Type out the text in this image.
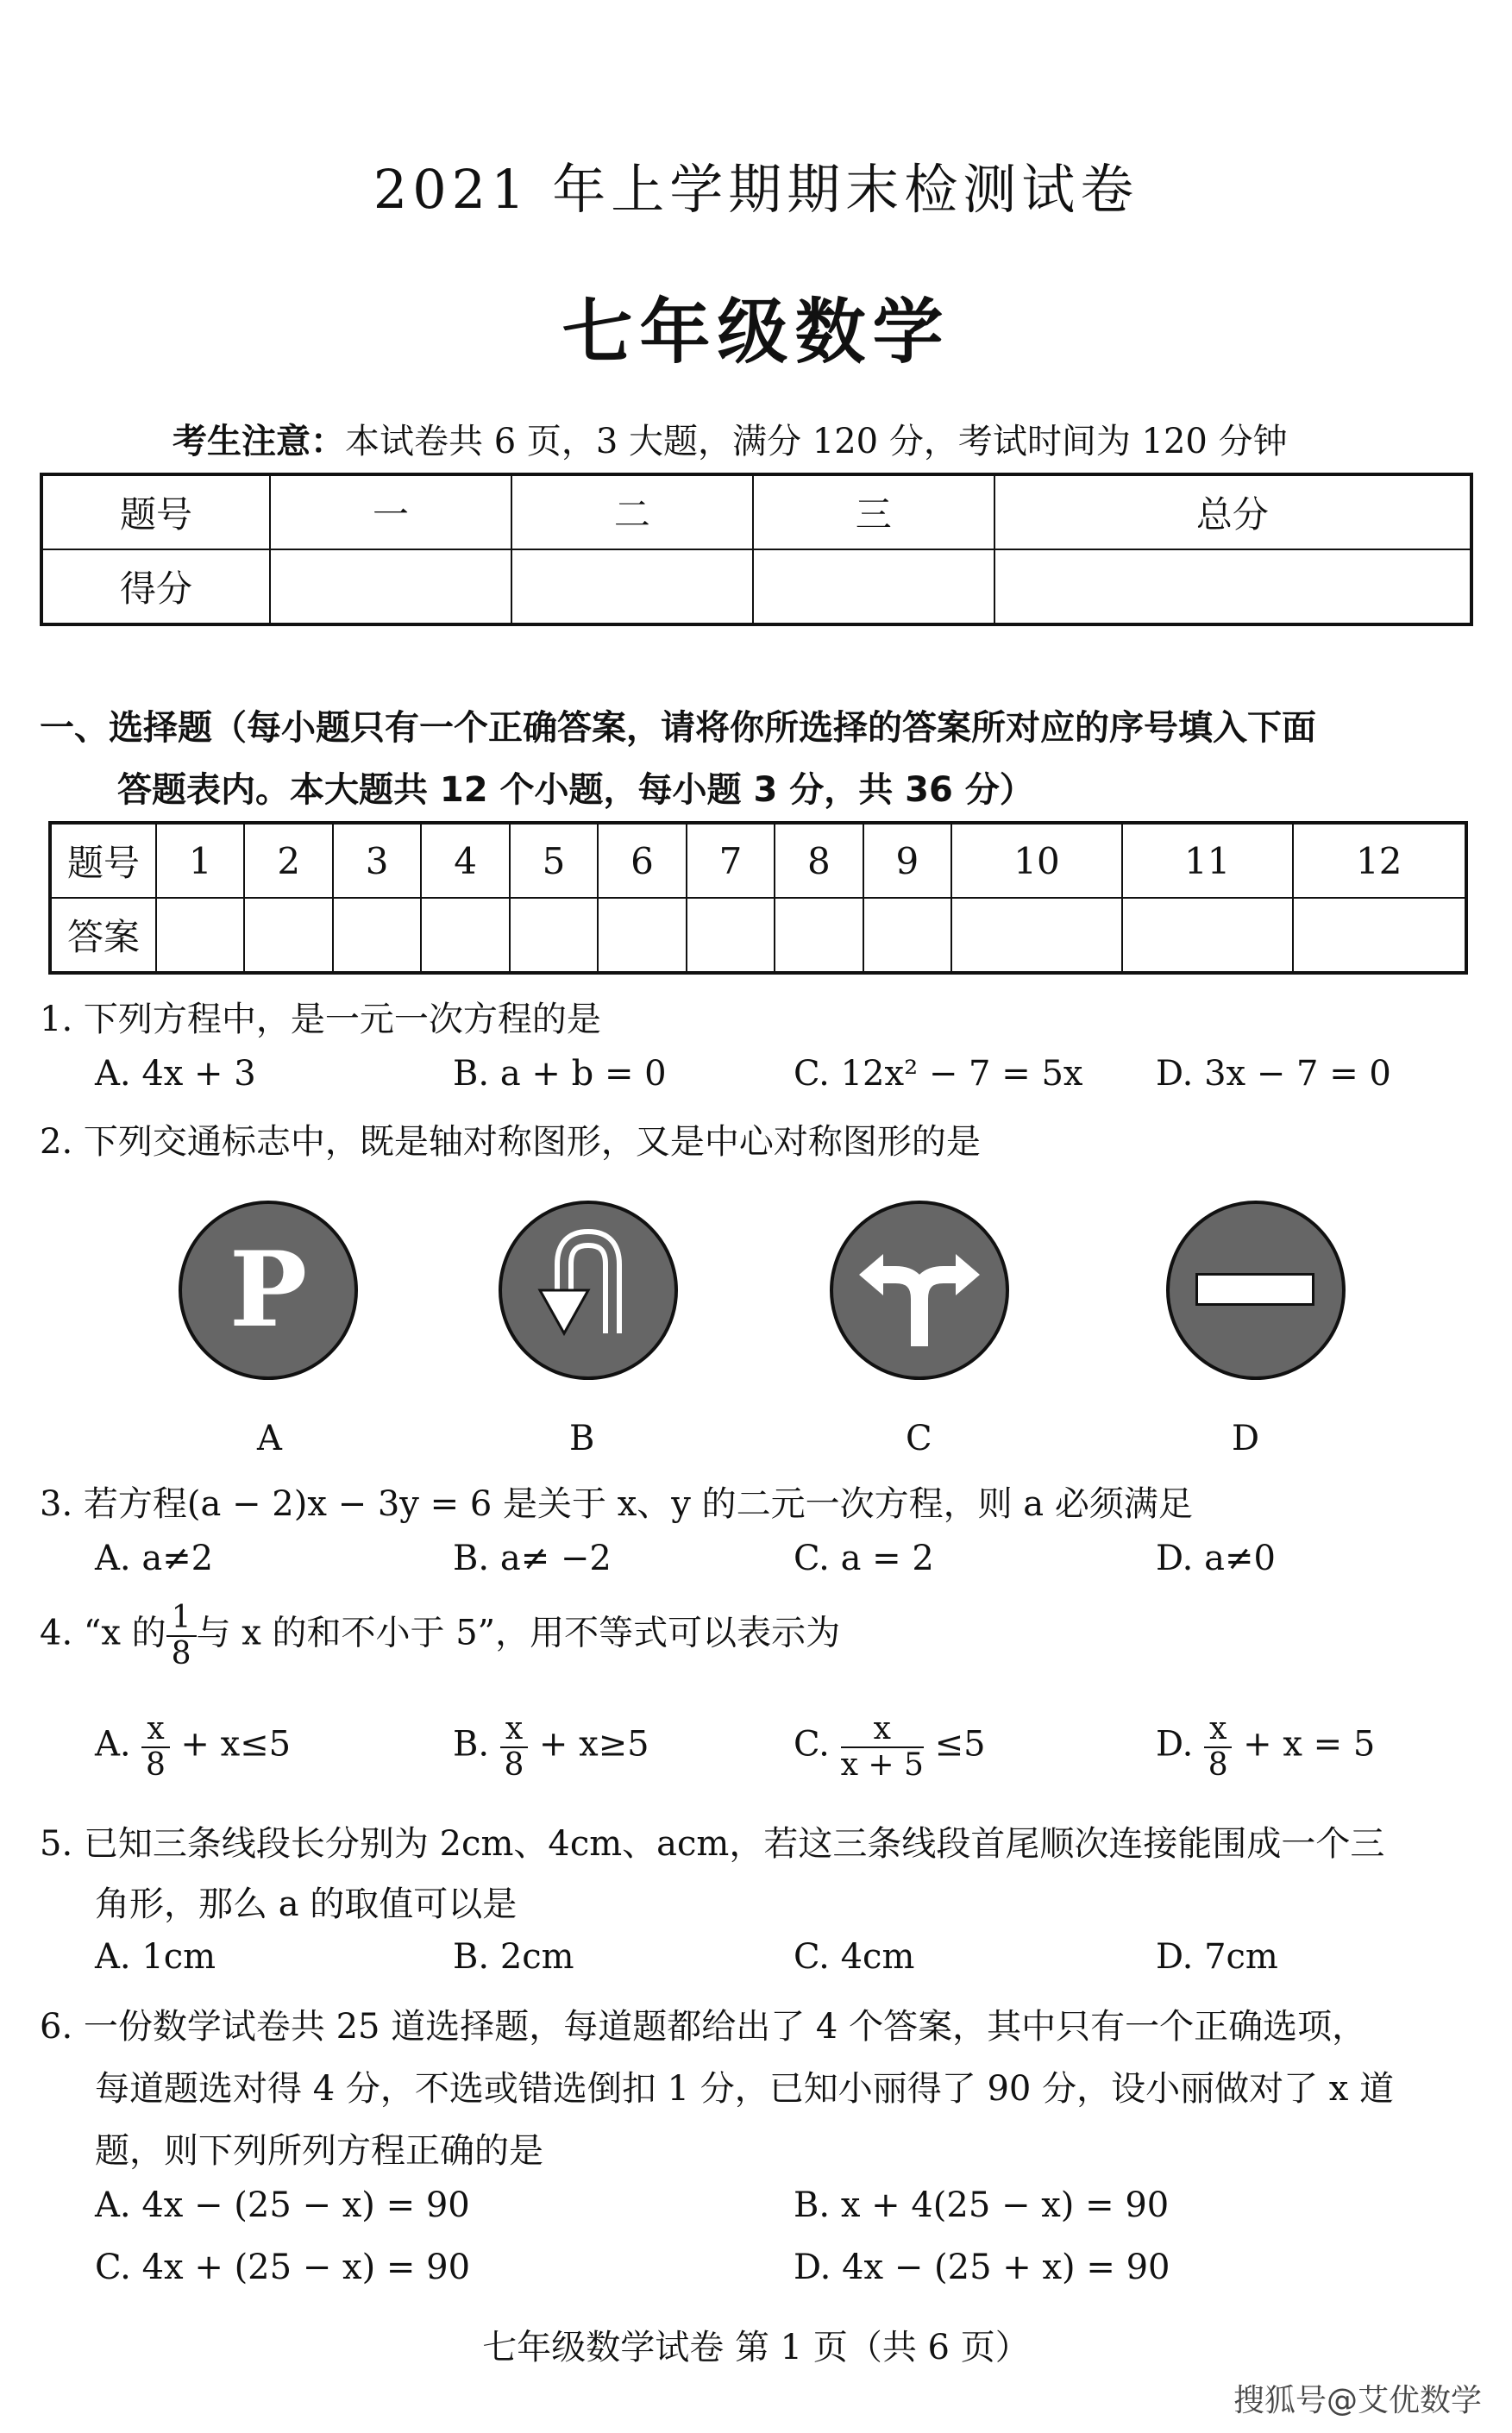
2021 年上学期期末检测试卷
七年级数学
考生注意：本试卷共 6 页，3 大题，满分 120 分，考试时间为 120 分钟
题号	一	二	三	总分
得分				
一、选择题（每小题只有一个正确答案，请将你所选择的答案所对应的序号填入下面
答题表内。本大题共 12 个小题，每小题 3 分，共 36 分）
题号	1	2	3	4	5	6	7	8	9	10	11	12
答案												
1. 下列方程中，是一元一次方程的是
A. 4x + 3	B. a + b = 0	C. 12x² − 7 = 5x D. 3x − 7 = 0
2. 下列交通标志中，既是轴对称图形，又是中心对称图形的是
P
A	B	C	D
3. 若方程(a − 2)x − 3y = 6 是关于 x、y 的二元一次方程，则 a 必须满足
A. a≠2	B. a≠ −2	C. a = 2	D. a≠0
4. “x 的 $\frac{1}{8}$ 与 x 的和不小于 5”，用不等式可以表示为
A. $\frac{x}{8} + x\le 5$	B. $\frac{x}{8} + x\ge 5$	C. $\frac{x}{x + 5} \le 5$	D. $\frac{x}{8} + x = 5$
5. 已知三条线段长分别为 2cm、4cm、acm，若这三条线段首尾顺次连接能围成一个三
角形，那么 a 的取值可以是
A. 1cm	B. 2cm	C. 4cm	D. 7cm
6. 一份数学试卷共 25 道选择题，每道题都给出了 4 个答案，其中只有一个正确选项，
每道题选对得 4 分，不选或错选倒扣 1 分，已知小丽得了 90 分，设小丽做对了 x 道
题，则下列所列方程正确的是
A. 4x − (25 − x) = 90	B. x + 4(25 − x) = 90
C. 4x + (25 − x) = 90	D. 4x − (25 + x) = 90
七年级数学试卷 第 1 页（共 6 页）
搜狐号@艾优数学
